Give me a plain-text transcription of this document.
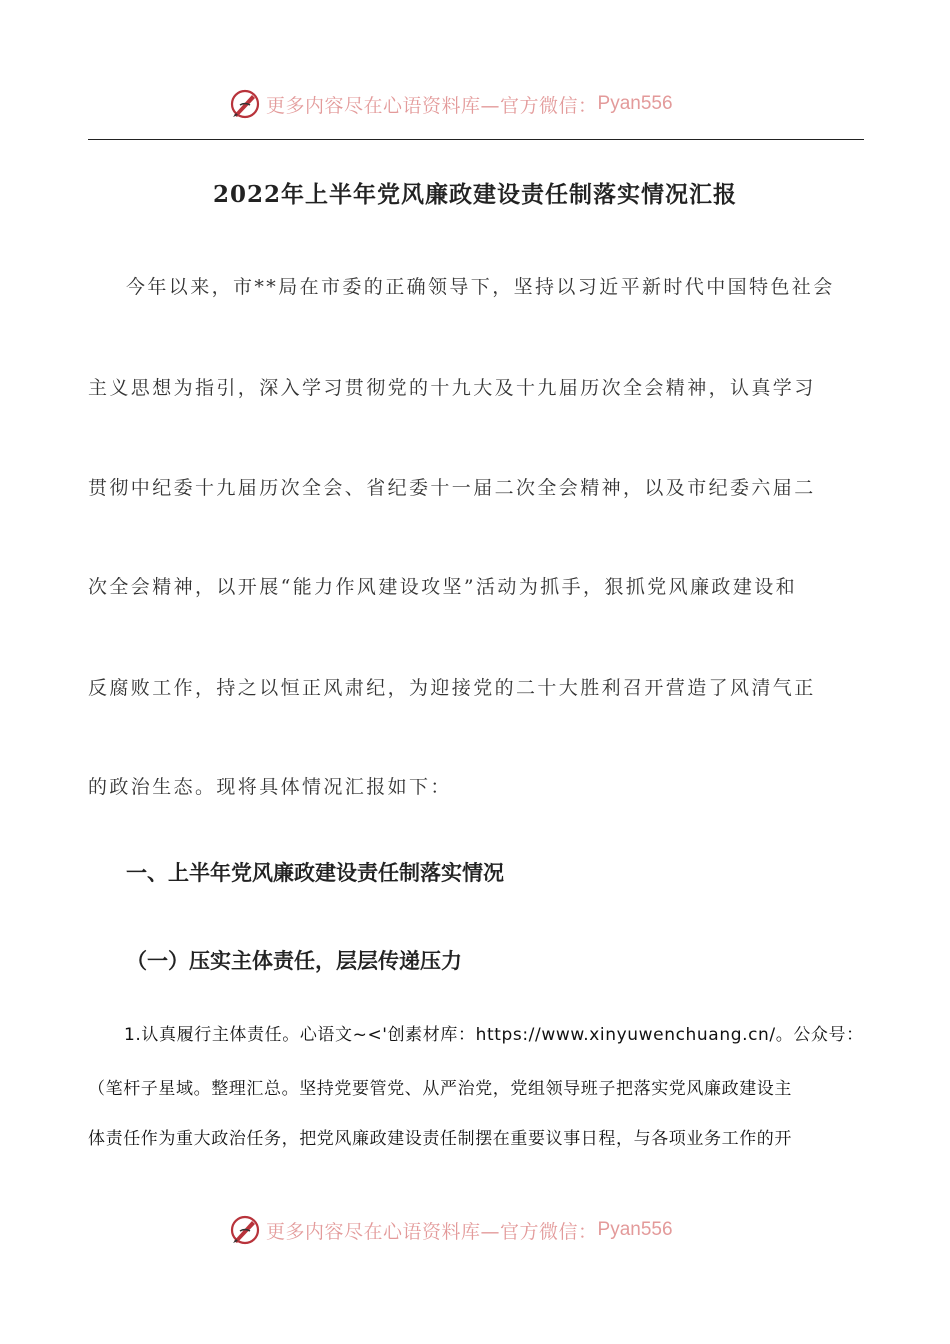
更多内容尽在心语资料库—官方微信： Pyan556
2022年上半年党风廉政建设责任制落实情况汇报
今年以来，市**局在市委的正确领导下，坚持以习近平新时代中国特色社会
主义思想为指引，深入学习贯彻党的十九大及十九届历次全会精神，认真学习
贯彻中纪委十九届历次全会、省纪委十一届二次全会精神，以及市纪委六届二
次全会精神，以开展“能力作风建设攻坚”活动为抓手，狠抓党风廉政建设和
反腐败工作，持之以恒正风肃纪，为迎接党的二十大胜利召开营造了风清气正
的政治生态。现将具体情况汇报如下：
一、上半年党风廉政建设责任制落实情况
（一）压实主体责任，层层传递压力
1.认真履行主体责任。心语文~<'创素材库：https://www.xinyuwenchuang.cn/。公众号：
（笔杆子星域。整理汇总。坚持党要管党、从严治党，党组领导班子把落实党风廉政建设主
体责任作为重大政治任务，把党风廉政建设责任制摆在重要议事日程，与各项业务工作的开
更多内容尽在心语资料库—官方微信： Pyan556
